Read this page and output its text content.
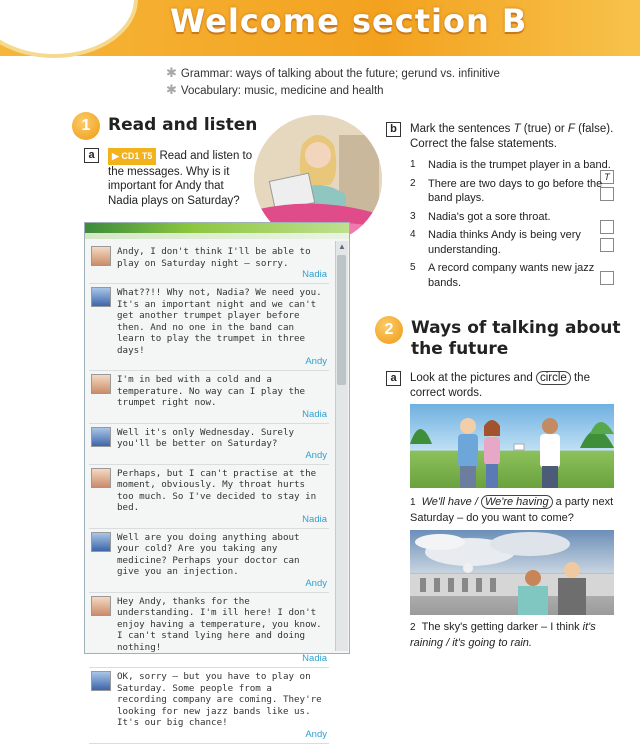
Welcome section B
✱ Grammar: ways of talking about the future; gerund vs. infinitive
✱ Vocabulary: music, medicine and health
1	Read and listen
a	▶ CD1 T5 Read and listen to the messages. Why is it important for Andy that Nadia plays on Saturday?
Andy, I don't think I'll be able to play on Saturday night – sorry.
Nadia
What??!! Why not, Nadia? We need you. It's an important night and we can't get another trumpet player before then. And no one in the band can learn to play the trumpet in three days!
Andy
I'm in bed with a cold and a temperature. No way can I play the trumpet right now.
Nadia
Well it's only Wednesday. Surely you'll be better on Saturday?
Andy
Perhaps, but I can't practise at the moment, obviously. My throat hurts too much. So I've decided to stay in bed.
Nadia
Well are you doing anything about your cold? Are you taking any medicine? Perhaps your doctor can give you an injection.
Andy
Hey Andy, thanks for the understanding. I'm ill here! I don't enjoy having a temperature, you know. I can't stand lying here and doing nothing!
Nadia
OK, sorry – but you have to play on Saturday. Some people from a recording company are coming. They're looking for new jazz bands like us. It's our big chance!
Andy
▲
b	Mark the sentences T (true) or F (false). Correct the false statements.
1 Nadia is the trumpet player in a band.
T
2 There are two days to go before the band plays.
3 Nadia's got a sore throat.
4 Nadia thinks Andy is being very understanding.
5 A record company wants new jazz bands.
2	Ways of talking about
the future
a	Look at the pictures and circle the correct words.
1 We'll have / We're having a party next Saturday – do you want to come?
2 The sky's getting darker – I think it's raining / it's going to rain.
